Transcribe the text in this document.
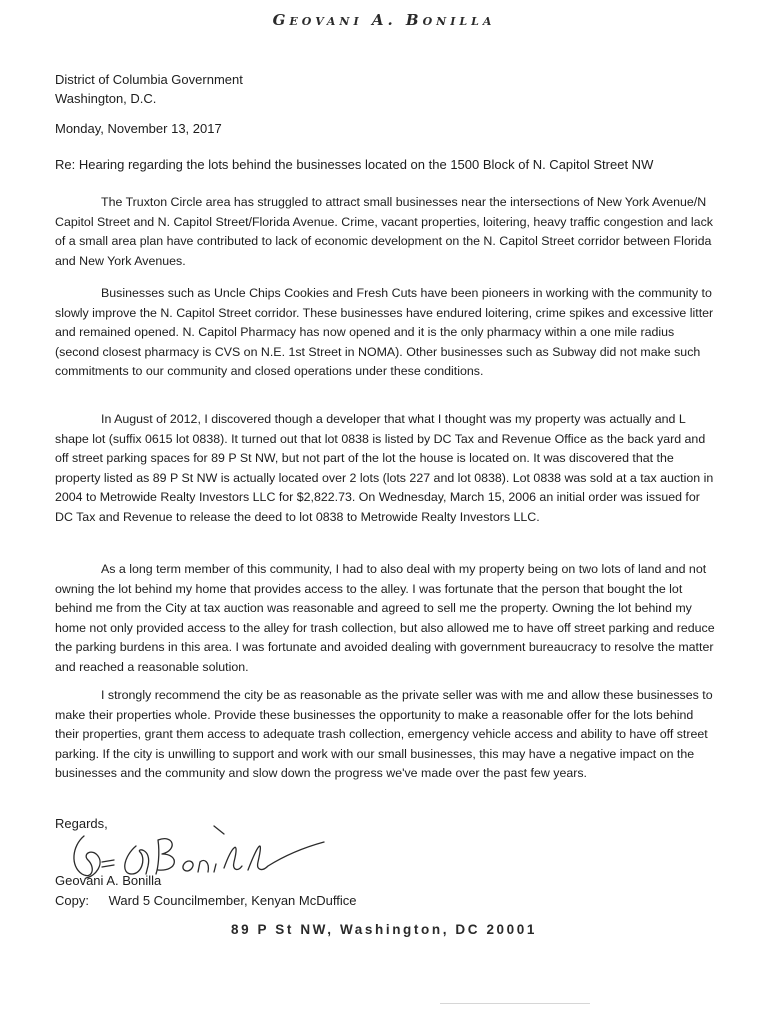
Geovani A. Bonilla
District of Columbia Government
Washington, D.C.
Monday, November 13, 2017
Re: Hearing regarding the lots behind the businesses located on the 1500 Block of N. Capitol Street NW

The Truxton Circle area has struggled to attract small businesses near the intersections of New York Avenue/N Capitol Street and N. Capitol Street/Florida Avenue. Crime, vacant properties, loitering, heavy traffic congestion and lack of a small area plan have contributed to lack of economic development on the N. Capitol Street corridor between Florida and New York Avenues.

Businesses such as Uncle Chips Cookies and Fresh Cuts have been pioneers in working with the community to slowly improve the N. Capitol Street corridor. These businesses have endured loitering, crime spikes and excessive litter and remained opened. N. Capitol Pharmacy has now opened and it is the only pharmacy within a one mile radius (second closest pharmacy is CVS on N.E. 1st Street in NOMA). Other businesses such as Subway did not make such commitments to our community and closed operations under these conditions.

In August of 2012, I discovered though a developer that what I thought was my property was actually and L shape lot (suffix 0615 lot 0838). It turned out that lot 0838 is listed by DC Tax and Revenue Office as the back yard and off street parking spaces for 89 P St NW, but not part of the lot the house is located on. It was discovered that the property listed as 89 P St NW is actually located over 2 lots (lots 227 and lot 0838). Lot 0838 was sold at a tax auction in 2004 to Metrowide Realty Investors LLC for $2,822.73. On Wednesday, March 15, 2006 an initial order was issued for DC Tax and Revenue to release the deed to lot 0838 to Metrowide Realty Investors LLC.

As a long term member of this community, I had to also deal with my property being on two lots of land and not owning the lot behind my home that provides access to the alley. I was fortunate that the person that bought the lot behind me from the City at tax auction was reasonable and agreed to sell me the property. Owning the lot behind my home not only provided access to the alley for trash collection, but also allowed me to have off street parking and reduce the parking burdens in this area. I was fortunate and avoided dealing with government bureaucracy to resolve the matter and reached a reasonable solution.

I strongly recommend the city be as reasonable as the private seller was with me and allow these businesses to make their properties whole. Provide these businesses the opportunity to make a reasonable offer for the lots behind their properties, grant them access to adequate trash collection, emergency vehicle access and ability to have off street parking. If the city is unwilling to support and work with our small businesses, this may have a negative impact on the businesses and the community and slow down the progress we've made over the past few years.

Regards,
Geovani A. Bonilla
Copy: Ward 5 Councilmember, Kenyan McDuffice
89 P St NW, Washington, DC 20001
